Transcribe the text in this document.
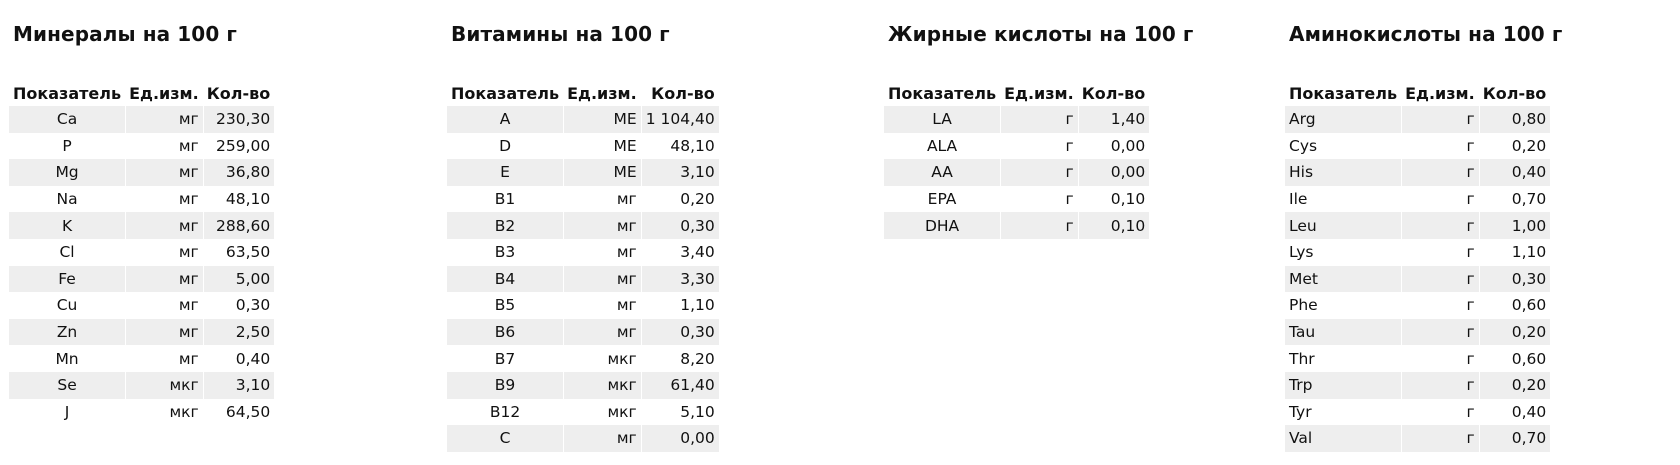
Минералы на 100 г
Показатель	Ед.изм.	Кол-во
Ca	мг	230,30
P	мг	259,00
Mg	мг	36,80
Na	мг	48,10
K	мг	288,60
Cl	мг	63,50
Fe	мг	5,00
Cu	мг	0,30
Zn	мг	2,50
Mn	мг	0,40
Se	мкг	3,10
J	мкг	64,50
Витамины на 100 г
Показатель	Ед.изм.	Кол-во
A	МЕ	1 104,40
D	МЕ	48,10
E	МЕ	3,10
B1	мг	0,20
B2	мг	0,30
B3	мг	3,40
B4	мг	3,30
B5	мг	1,10
B6	мг	0,30
B7	мкг	8,20
B9	мкг	61,40
B12	мкг	5,10
C	мг	0,00
Жирные кислоты на 100 г
Показатель	Ед.изм.	Кол-во
LA	г	1,40
ALA	г	0,00
AA	г	0,00
EPA	г	0,10
DHA	г	0,10
Аминокислоты на 100 г
Показатель	Ед.изм.	Кол-во
Arg	г	0,80
Cys	г	0,20
His	г	0,40
Ile	г	0,70
Leu	г	1,00
Lys	г	1,10
Met	г	0,30
Phe	г	0,60
Tau	г	0,20
Thr	г	0,60
Trp	г	0,20
Tyr	г	0,40
Val	г	0,70
